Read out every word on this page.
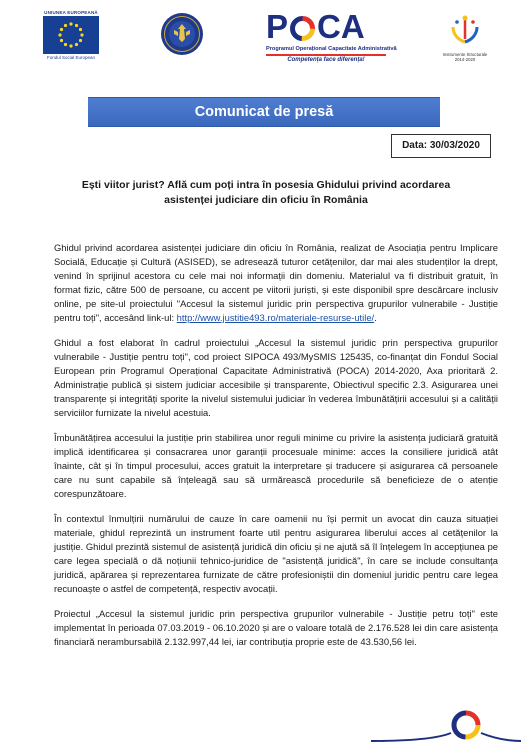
UNIUNEA EUROPEANĂ
Fondul Social European
P CA
Programul Operațional Capacitate Administrativă
Competența face diferența!
Instrumente Structurale 2014-2020
Comunicat de presă
Data: 30/03/2020
Ești viitor jurist? Află cum poți intra în posesia Ghidului privind acordarea asistenței judiciare din oficiu în România

Ghidul privind acordarea asistenței judiciare din oficiu în România, realizat de Asociația pentru Implicare Socială, Educație și Cultură (ASISED), se adresează tuturor cetățenilor, dar mai ales studenților la drept, venind în sprijinul acestora cu cele mai noi informații din domeniu. Materialul va fi distribuit gratuit, în format fizic, către 500 de persoane, cu accent pe viitorii juriști, și este disponibil spre descărcare inclusiv online, pe site-ul proiectului "Accesul la sistemul juridic prin perspectiva grupurilor vulnerabile - Justiție pentru toți", accesând link-ul: http://www.justitie493.ro/materiale-resurse-utile/.

Ghidul a fost elaborat în cadrul proiectului „Accesul la sistemul juridic prin perspectiva grupurilor vulnerabile - Justiție pentru toți", cod proiect SIPOCA 493/MySMIS 125435, co-finanțat din Fondul Social European prin Programul Operațional Capacitate Administrativă (POCA) 2014-2020, Axa prioritară 2. Administrație publică și sistem judiciar accesibile și transparente, Obiectivul specific 2.3. Asigurarea unei transparențe și integrități sporite la nivelul sistemului judiciar în vederea îmbunătățirii accesului și a calității serviciilor furnizate la nivelul acestuia.

Îmbunătățirea accesului la justiție prin stabilirea unor reguli minime cu privire la asistența judiciară gratuită implică identificarea și consacrarea unor garanții procesuale minime: acces la consiliere juridică atât înainte, cât și în timpul procesului, acces gratuit la interpretare și traducere și asigurarea că persoanele care nu sunt capabile să înțeleagă sau să urmărească procedurile să beneficieze de o atenție corespunzătoare.

În contextul înmulțirii numărului de cauze în care oamenii nu își permit un avocat din cauza situației materiale, ghidul reprezintă un instrument foarte util pentru asigurarea liberului acces al cetățenilor la justiție. Ghidul prezintă sistemul de asistență juridică din oficiu și ne ajută să îl înțelegem în accepțiunea pe care legea specială o dă noțiunii tehnico-juridice de "asistență juridică", în care se include consultanța juridică, apărarea și reprezentarea furnizate de către profesioniștii din domeniul juridic pentru care legea recunoaște o astfel de competență, respectiv avocații.

Proiectul „Accesul la sistemul juridic prin perspectiva grupurilor vulnerabile - Justiție petru toți" este implementat în perioada 07.03.2019 - 06.10.2020 și are o valoare totală de 2.176.528 lei din care asistența financiară nerambursabilă 2.132.997,44 lei, iar contribuția proprie este de 43.530,56 lei.
